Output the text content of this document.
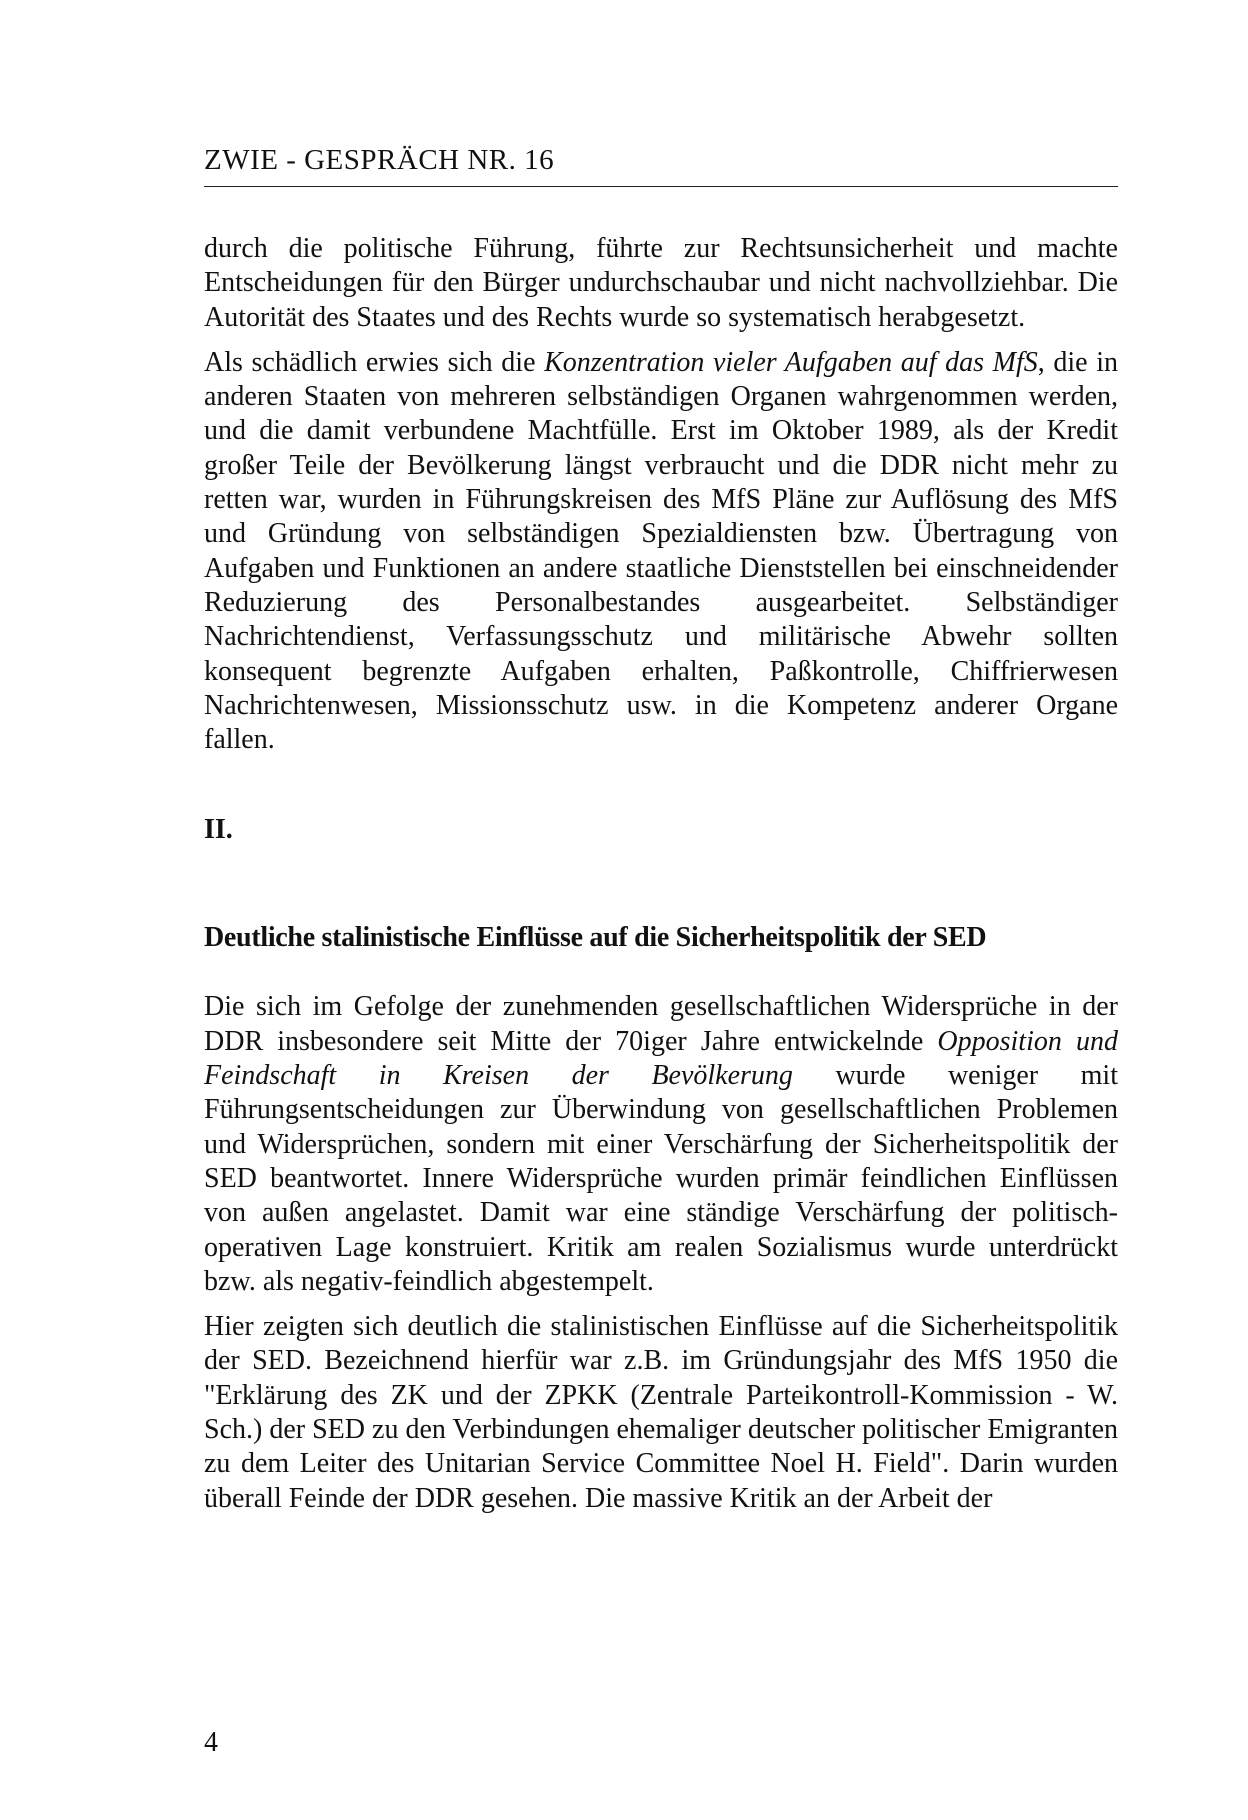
ZWIE - GESPRÄCH NR. 16

durch die politische Führung, führte zur Rechtsunsicherheit und machte Entscheidungen für den Bürger undurchschaubar und nicht nachvollziehbar. Die Autorität des Staates und des Rechts wurde so systematisch herabgesetzt.

Als schädlich erwies sich die Konzentration vieler Aufgaben auf das MfS, die in anderen Staaten von mehreren selbständigen Organen wahrgenommen werden, und die damit verbundene Machtfülle. Erst im Oktober 1989, als der Kredit großer Teile der Bevölkerung längst verbraucht und die DDR nicht mehr zu retten war, wurden in Führungskreisen des MfS Pläne zur Auflösung des MfS und Gründung von selbständigen Spezialdiensten bzw. Übertragung von Aufgaben und Funktionen an andere staatliche Dienststellen bei einschneidender Reduzierung des Personalbestandes ausgearbeitet. Selbständiger Nachrichtendienst, Verfassungsschutz und militärische Abwehr sollten konsequent begrenzte Aufgaben erhalten, Paßkontrolle, Chiffrierwesen Nachrichtenwesen, Missionsschutz usw. in die Kompetenz anderer Organe fallen.

II.
Deutliche stalinistische Einflüsse auf die Sicherheitspolitik der SED

Die sich im Gefolge der zunehmenden gesellschaftlichen Widersprüche in der DDR insbesondere seit Mitte der 70iger Jahre entwickelnde Opposition und Feindschaft in Kreisen der Bevölkerung wurde weniger mit Führungsentscheidungen zur Überwindung von gesellschaftlichen Problemen und Widersprüchen, sondern mit einer Verschärfung der Sicherheitspolitik der SED beantwortet. Innere Widersprüche wurden primär feindlichen Einflüssen von außen angelastet. Damit war eine ständige Verschärfung der politisch-operativen Lage konstruiert. Kritik am realen Sozialismus wurde unterdrückt bzw. als negativ-feindlich abgestempelt.

Hier zeigten sich deutlich die stalinistischen Einflüsse auf die Sicherheitspolitik der SED. Bezeichnend hierfür war z.B. im Gründungsjahr des MfS 1950 die "Erklärung des ZK und der ZPKK (Zentrale Parteikontroll-Kommission - W. Sch.) der SED zu den Verbindungen ehemaliger deutscher politischer Emigranten zu dem Leiter des Unitarian Service Committee Noel H. Field". Darin wurden überall Feinde der DDR gesehen. Die massive Kritik an der Arbeit der

4
